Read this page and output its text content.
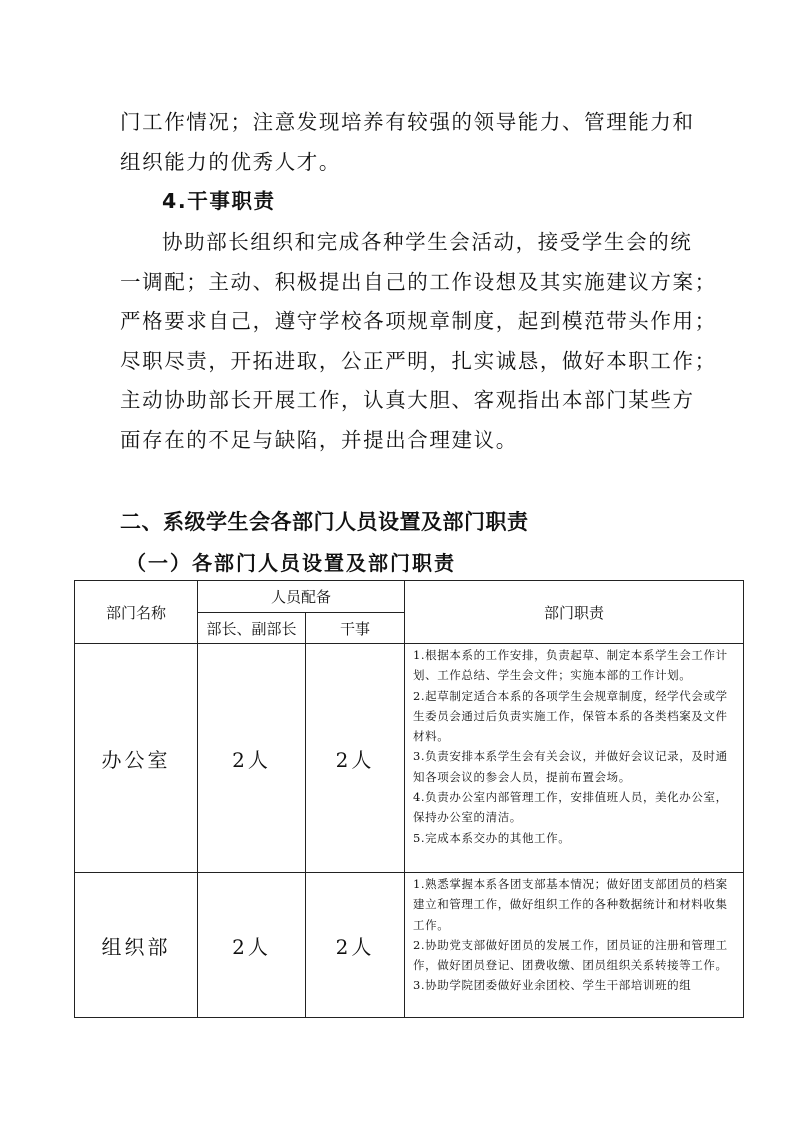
门工作情况；注意发现培养有较强的领导能力、管理能力和
组织能力的优秀人才。
4.干事职责
协助部长组织和完成各种学生会活动，接受学生会的统
一调配；主动、积极提出自己的工作设想及其实施建议方案；
严格要求自己，遵守学校各项规章制度，起到模范带头作用；
尽职尽责，开拓进取，公正严明，扎实诚恳，做好本职工作；
主动协助部长开展工作，认真大胆、客观指出本部门某些方
面存在的不足与缺陷，并提出合理建议。
二、系级学生会各部门人员设置及部门职责
（一）各部门人员设置及部门职责
部门名称	人员配备		部门职责
	部长、副部长	干事	
办公室	2人	2人	1.根据本系的工作安排，负责起草、制定本系学生会工作计划、工作总结、学生会文件；实施本部的工作计划。
2.起草制定适合本系的各项学生会规章制度，经学代会或学生委员会通过后负责实施工作，保管本系的各类档案及文件材料。
3.负责安排本系学生会有关会议，并做好会议记录，及时通知各项会议的参会人员，提前布置会场。
4.负责办公室内部管理工作，安排值班人员，美化办公室，保持办公室的清洁。
5.完成本系交办的其他工作。

组织部	2人	2人	1.熟悉掌握本系各团支部基本情况；做好团支部团员的档案建立和管理工作，做好组织工作的各种数据统计和材料收集工作。
2.协助党支部做好团员的发展工作，团员证的注册和管理工作，做好团员登记、团费收缴、团员组织关系转接等工作。
3.协助学院团委做好业余团校、学生干部培训班的组
